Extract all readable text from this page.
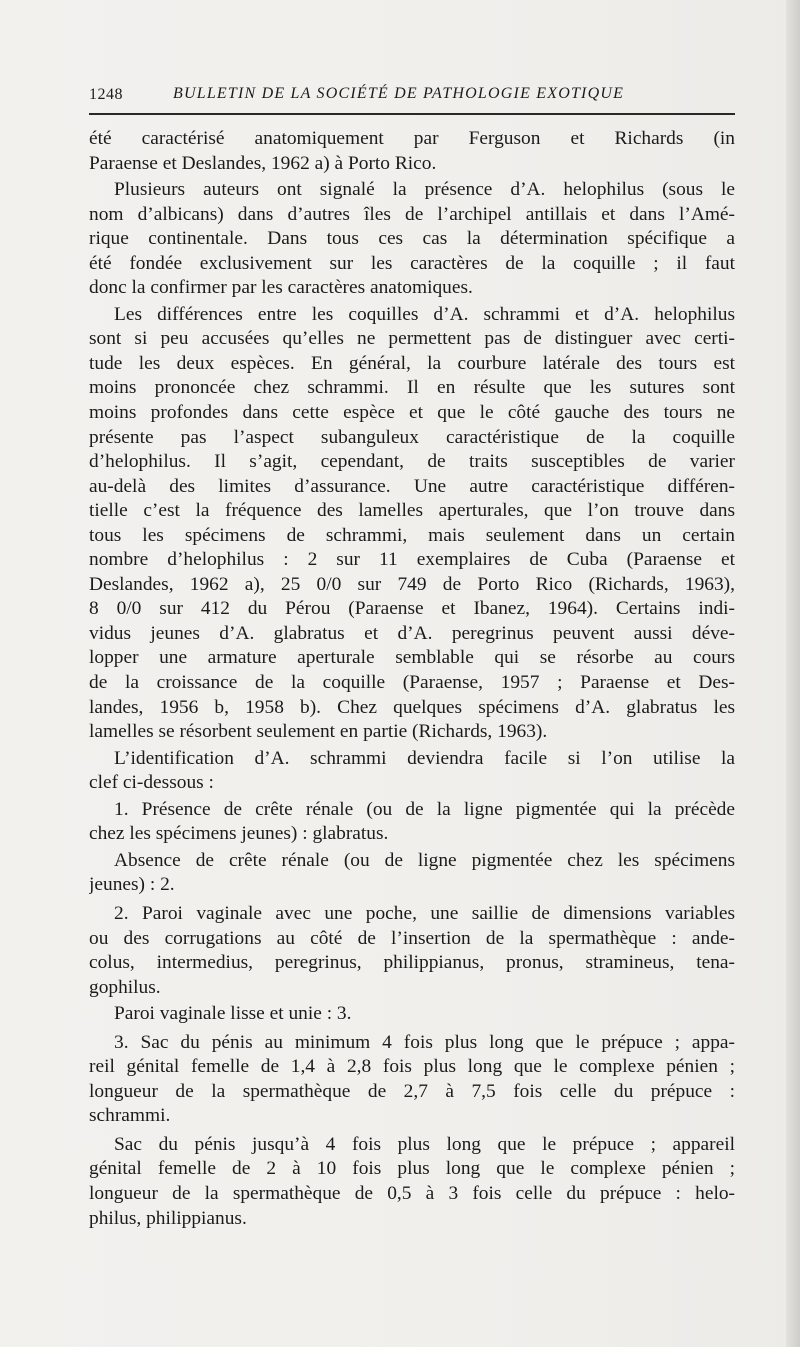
1248	BULLETIN DE LA SOCIÉTÉ DE PATHOLOGIE EXOTIQUE
été caractérisé anatomiquement par Ferguson et Richards (in
Paraense et Deslandes, 1962 a) à Porto Rico.
Plusieurs auteurs ont signalé la présence d’A. helophilus (sous le
nom d’albicans) dans d’autres îles de l’archipel antillais et dans l’Amé-
rique continentale. Dans tous ces cas la détermination spécifique a
été fondée exclusivement sur les caractères de la coquille ; il faut
donc la confirmer par les caractères anatomiques.
Les différences entre les coquilles d’A. schrammi et d’A. helophilus
sont si peu accusées qu’elles ne permettent pas de distinguer avec certi-
tude les deux espèces. En général, la courbure latérale des tours est
moins prononcée chez schrammi. Il en résulte que les sutures sont
moins profondes dans cette espèce et que le côté gauche des tours ne
présente pas l’aspect subanguleux caractéristique de la coquille
d’helophilus. Il s’agit, cependant, de traits susceptibles de varier
au-delà des limites d’assurance. Une autre caractéristique différen-
tielle c’est la fréquence des lamelles aperturales, que l’on trouve dans
tous les spécimens de schrammi, mais seulement dans un certain
nombre d’helophilus : 2 sur 11 exemplaires de Cuba (Paraense et
Deslandes, 1962 a), 25 0/0 sur 749 de Porto Rico (Richards, 1963),
8 0/0 sur 412 du Pérou (Paraense et Ibanez, 1964). Certains indi-
vidus jeunes d’A. glabratus et d’A. peregrinus peuvent aussi déve-
lopper une armature aperturale semblable qui se résorbe au cours
de la croissance de la coquille (Paraense, 1957 ; Paraense et Des-
landes, 1956 b, 1958 b). Chez quelques spécimens d’A. glabratus les
lamelles se résorbent seulement en partie (Richards, 1963).
L’identification d’A. schrammi deviendra facile si l’on utilise la
clef ci-dessous :
1. Présence de crête rénale (ou de la ligne pigmentée qui la précède
chez les spécimens jeunes) : glabratus.
Absence de crête rénale (ou de ligne pigmentée chez les spécimens
jeunes) : 2.
2. Paroi vaginale avec une poche, une saillie de dimensions variables
ou des corrugations au côté de l’insertion de la spermathèque : ande-
colus, intermedius, peregrinus, philippianus, pronus, stramineus, tena-
gophilus.
Paroi vaginale lisse et unie : 3.
3. Sac du pénis au minimum 4 fois plus long que le prépuce ; appa-
reil génital femelle de 1,4 à 2,8 fois plus long que le complexe pénien ;
longueur de la spermathèque de 2,7 à 7,5 fois celle du prépuce :
schrammi.
Sac du pénis jusqu’à 4 fois plus long que le prépuce ; appareil
génital femelle de 2 à 10 fois plus long que le complexe pénien ;
longueur de la spermathèque de 0,5 à 3 fois celle du prépuce : helo-
philus, philippianus.
